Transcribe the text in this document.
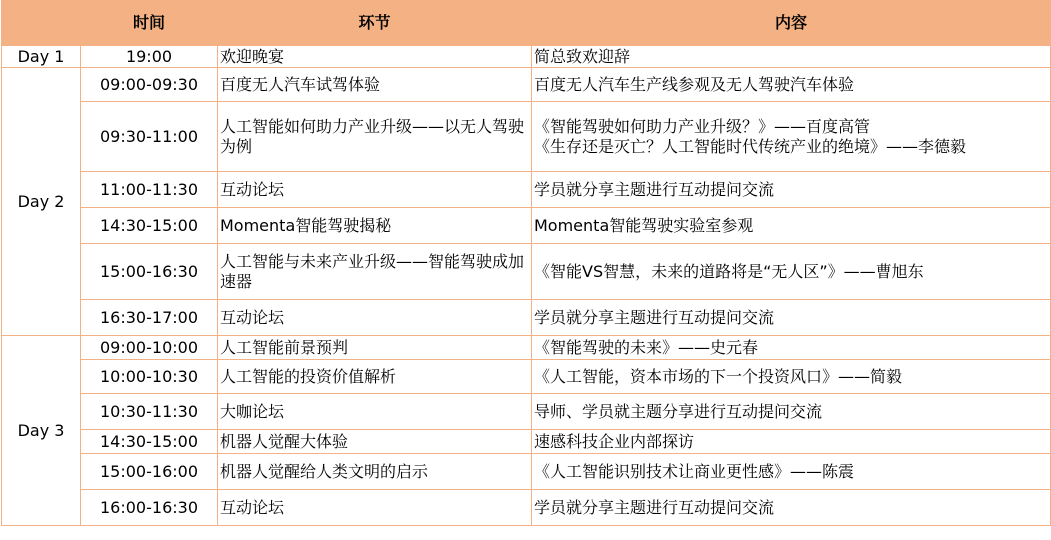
	时间	环节	内容
Day 1	19:00	欢迎晚宴	简总致欢迎辞

Day 2	09:00-09:30	百度无人汽车试驾体验	百度无人汽车生产线参观及无人驾驶汽车体验

	09:30-11:00	人工智能如何助力产业升级——以无人驾驶为例	《智能驾驶如何助力产业升级？》——百度高管
《生存还是灭亡？人工智能时代传统产业的绝境》——李德毅

	11:00-11:30	互动论坛	学员就分享主题进行互动提问交流

	14:30-15:00	Momenta智能驾驶揭秘	Momenta智能驾驶实验室参观

	15:00-16:30	人工智能与未来产业升级——智能驾驶成加速器	《智能VS智慧，未来的道路将是“无人区”》——曹旭东

	16:30-17:00	互动论坛	学员就分享主题进行互动提问交流

Day 3	09:00-10:00	人工智能前景预判	《智能驾驶的未来》——史元春

	10:00-10:30	人工智能的投资价值解析	《人工智能，资本市场的下一个投资风口》——简毅

	10:30-11:30	大咖论坛	导师、学员就主题分享进行互动提问交流

	14:30-15:00	机器人觉醒大体验	速感科技企业内部探访

	15:00-16:00	机器人觉醒给人类文明的启示	《人工智能识别技术让商业更性感》——陈震

	16:00-16:30	互动论坛	学员就分享主题进行互动提问交流
